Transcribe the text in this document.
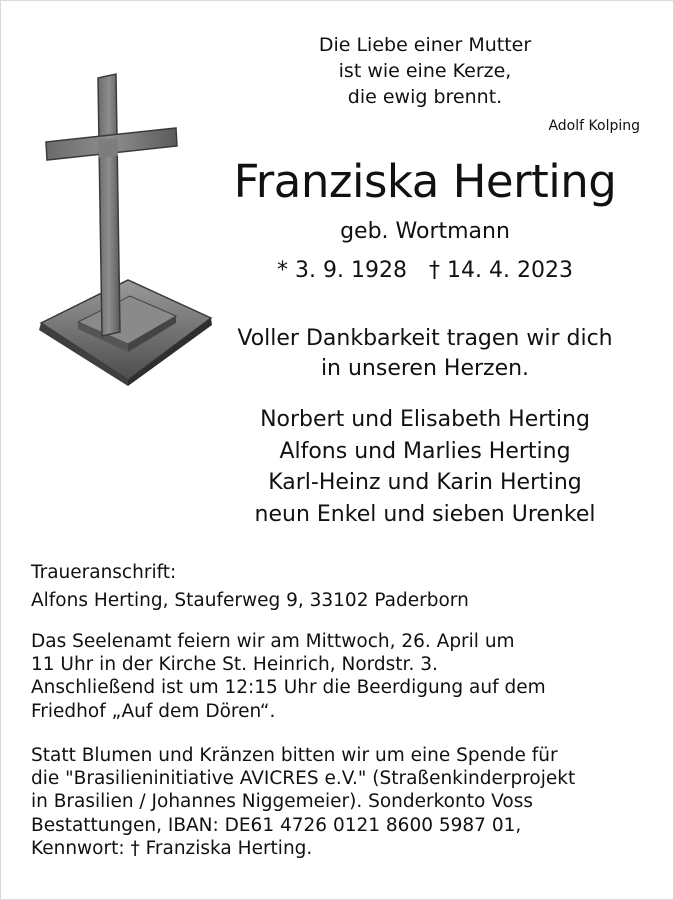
Die Liebe einer Mutter
ist wie eine Kerze,
die ewig brennt.
Adolf Kolping
Franziska Herting
geb. Wortmann
* 3. 9. 1928 † 14. 4. 2023
Voller Dankbarkeit tragen wir dich
in unseren Herzen.
Norbert und Elisabeth Herting
Alfons und Marlies Herting
Karl-Heinz und Karin Herting
neun Enkel und sieben Urenkel
Traueranschrift:
Alfons Herting, Stauferweg 9, 33102 Paderborn
Das Seelenamt feiern wir am Mittwoch, 26. April um
11 Uhr in der Kirche St. Heinrich, Nordstr. 3.
Anschließend ist um 12:15 Uhr die Beerdigung auf dem
Friedhof „Auf dem Dören“.
Statt Blumen und Kränzen bitten wir um eine Spende für
die "Brasilieninitiative AVICRES e.V." (Straßenkinderprojekt
in Brasilien / Johannes Niggemeier). Sonderkonto Voss
Bestattungen, IBAN: DE61 4726 0121 8600 5987 01,
Kennwort: † Franziska Herting.
